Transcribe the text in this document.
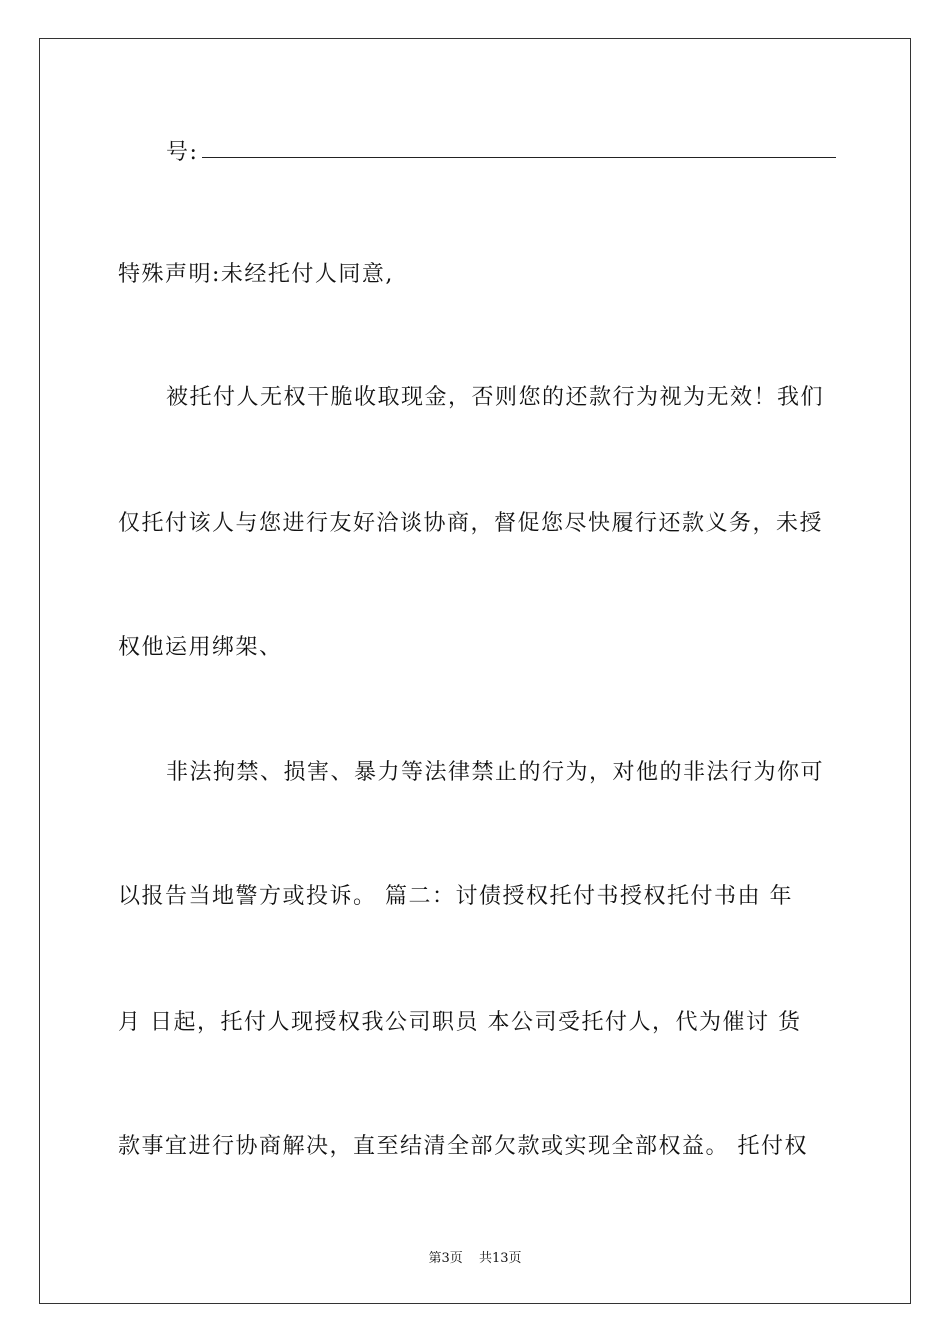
号:
特殊声明:未经托付人同意,
被托付人无权干脆收取现金，否则您的还款行为视为无效！我们
仅托付该人与您进行友好洽谈协商，督促您尽快履行还款义务，未授
权他运用绑架、
非法拘禁、损害、暴力等法律禁止的行为，对他的非法行为你可
以报告当地警方或投诉。 篇二：讨债授权托付书授权托付书由 年
月 日起，托付人现授权我公司职员 本公司受托付人，代为催讨 货
款事宜进行协商解决，直至结清全部欠款或实现全部权益。 托付权
第3页 共13页
